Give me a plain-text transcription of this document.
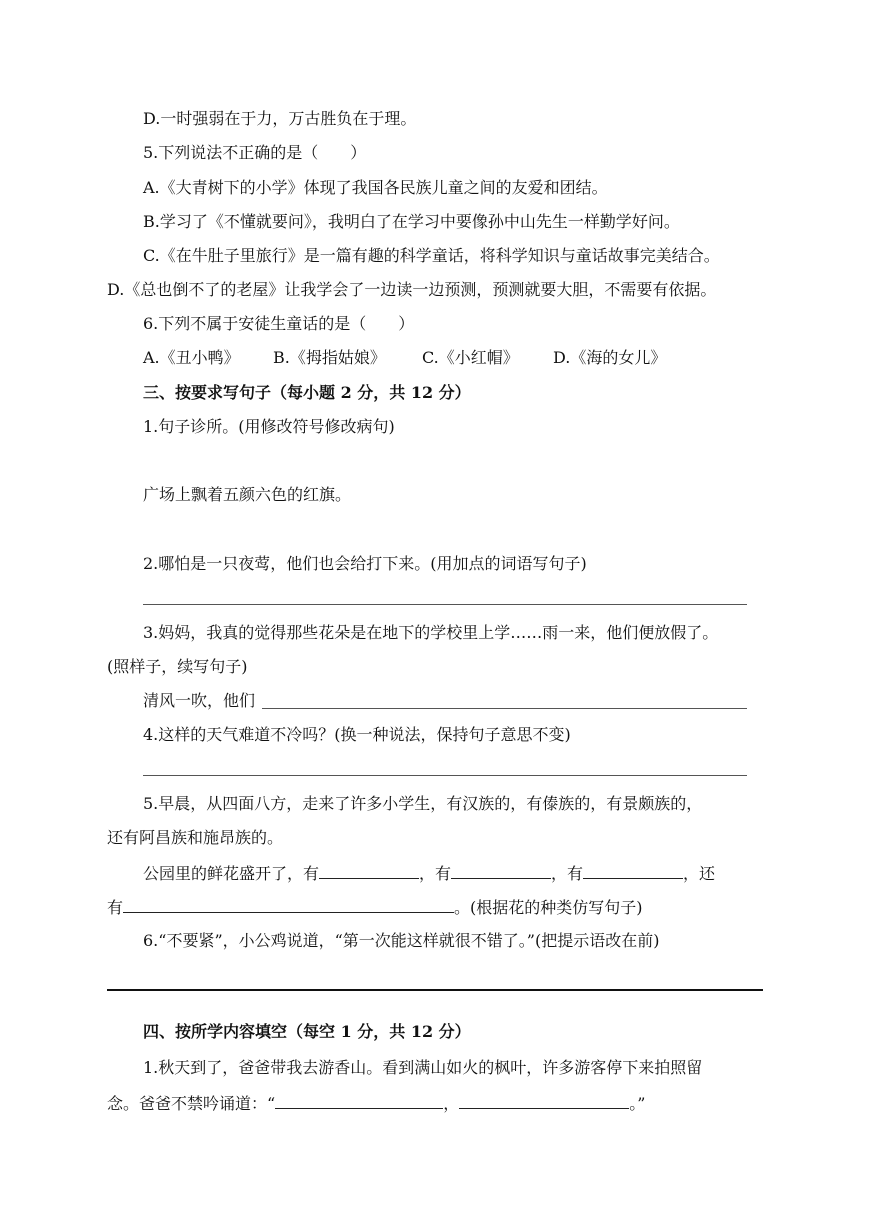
D.一时强弱在于力，万古胜负在于理。
5.下列说法不正确的是（　　）
A.《大青树下的小学》体现了我国各民族儿童之间的友爱和团结。
B.学习了《不懂就要问》，我明白了在学习中要像孙中山先生一样勤学好问。
C.《在牛肚子里旅行》是一篇有趣的科学童话，将科学知识与童话故事完美结合。
D.《总也倒不了的老屋》让我学会了一边读一边预测，预测就要大胆，不需要有依据。
6.下列不属于安徒生童话的是（　　）
A.《丑小鸭》 B.《拇指姑娘》 C.《小红帽》 D.《海的女儿》
三、按要求写句子（每小题 2 分，共 12 分）
1.句子诊所。(用修改符号修改病句)
广场上飘着五颜六色的红旗。
2.哪怕是一只夜莺，他们也会给打下来。(用加点的词语写句子)
3.妈妈，我真的觉得那些花朵是在地下的学校里上学……雨一来，他们便放假了。
(照样子，续写句子)
清风一吹，他们
4.这样的天气难道不冷吗？(换一种说法，保持句子意思不变)
5.早晨，从四面八方，走来了许多小学生，有汉族的，有傣族的，有景颇族的，
还有阿昌族和施昂族的。
公园里的鲜花盛开了，有	，有	，有	，还
有	。(根据花的种类仿写句子)
6.“不要紧”，小公鸡说道，“第一次能这样就很不错了。”(把提示语改在前)
四、按所学内容填空（每空 1 分，共 12 分）
1.秋天到了，爸爸带我去游香山。看到满山如火的枫叶，许多游客停下来拍照留
念。爸爸不禁吟诵道：“	，	。”
